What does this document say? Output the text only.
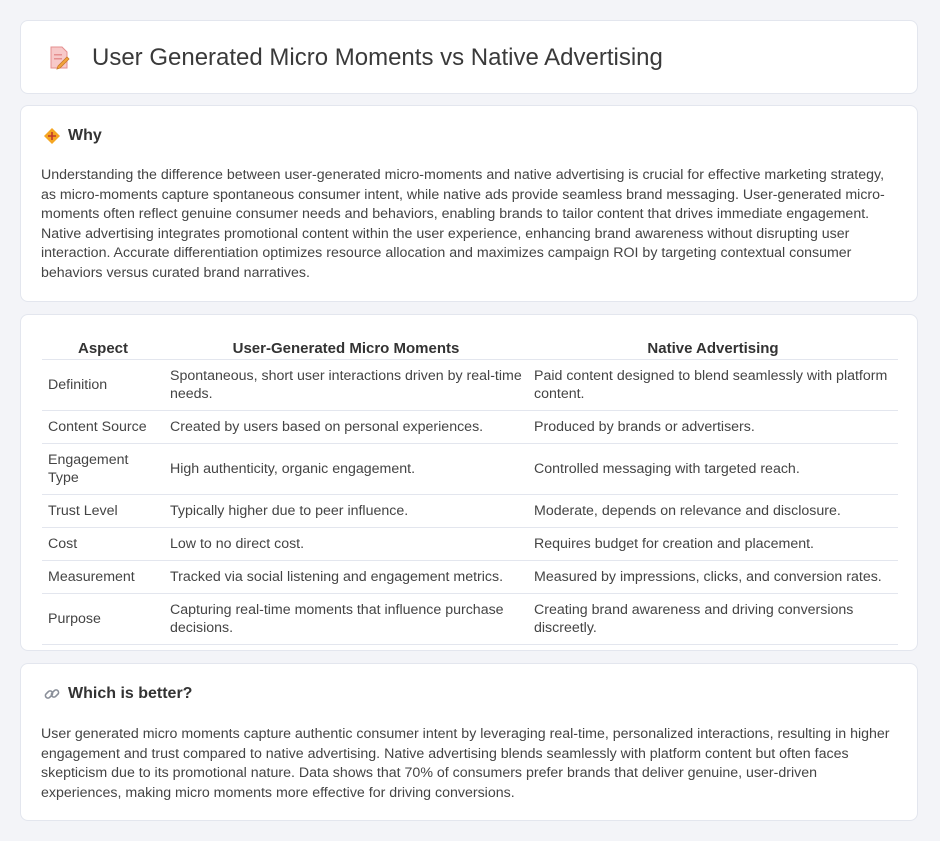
User Generated Micro Moments vs Native Advertising
Why

Understanding the difference between user-generated micro-moments and native advertising is crucial for effective marketing strategy, as micro-moments capture spontaneous consumer intent, while native ads provide seamless brand messaging. User-generated micro-moments often reflect genuine consumer needs and behaviors, enabling brands to tailor content that drives immediate engagement. Native advertising integrates promotional content within the user experience, enhancing brand awareness without disrupting user interaction. Accurate differentiation optimizes resource allocation and maximizes campaign ROI by targeting contextual consumer behaviors versus curated brand narratives.

Aspect	User-Generated Micro Moments	Native Advertising
Definition	Spontaneous, short user interactions driven by real-time needs.	Paid content designed to blend seamlessly with platform content.
Content Source	Created by users based on personal experiences.	Produced by brands or advertisers.
Engagement Type	High authenticity, organic engagement.	Controlled messaging with targeted reach.
Trust Level	Typically higher due to peer influence.	Moderate, depends on relevance and disclosure.
Cost	Low to no direct cost.	Requires budget for creation and placement.
Measurement	Tracked via social listening and engagement metrics.	Measured by impressions, clicks, and conversion rates.
Purpose	Capturing real-time moments that influence purchase decisions.	Creating brand awareness and driving conversions discreetly.
Which is better?

User generated micro moments capture authentic consumer intent by leveraging real-time, personalized interactions, resulting in higher engagement and trust compared to native advertising. Native advertising blends seamlessly with platform content but often faces skepticism due to its promotional nature. Data shows that 70% of consumers prefer brands that deliver genuine, user-driven experiences, making micro moments more effective for driving conversions.
